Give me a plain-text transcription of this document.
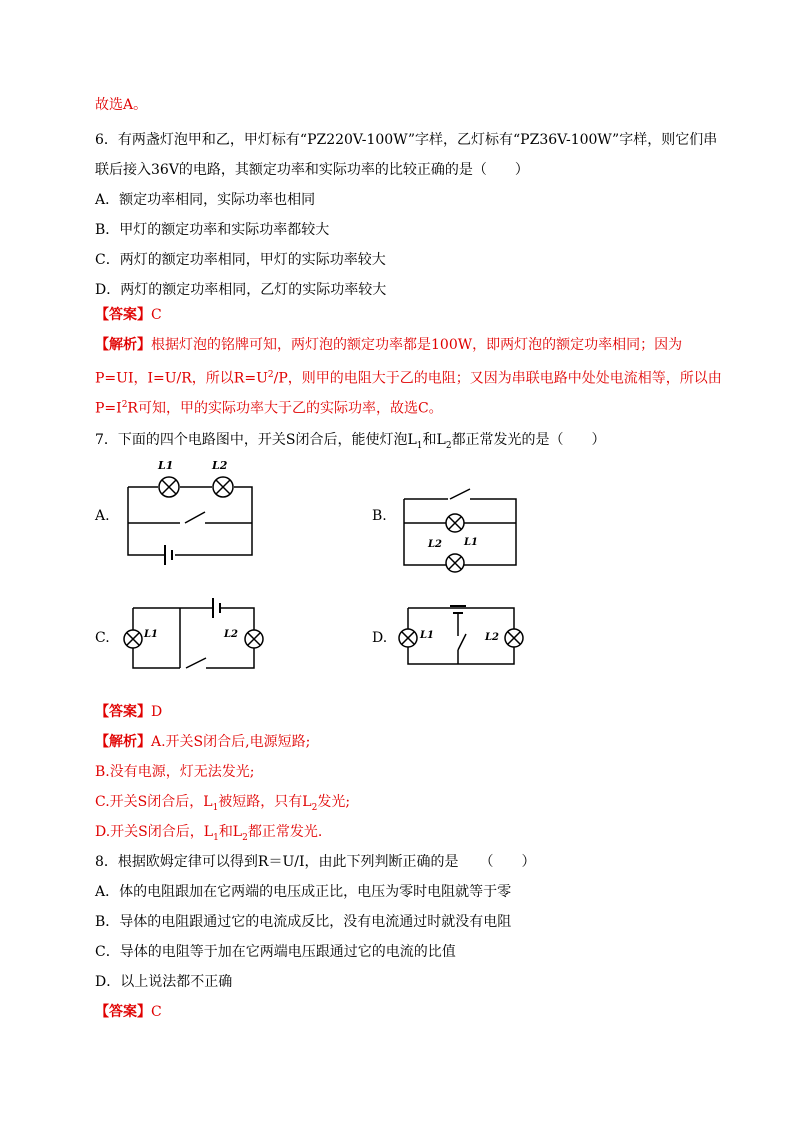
故选A。
6．有两盏灯泡甲和乙，甲灯标有“PZ220V-100W”字样，乙灯标有“PZ36V-100W”字样，则它们串
联后接入36V的电路，其额定功率和实际功率的比较正确的是（　　）
A．额定功率相同，实际功率也相同
B．甲灯的额定功率和实际功率都较大
C．两灯的额定功率相同，甲灯的实际功率较大
D．两灯的额定功率相同，乙灯的实际功率较大
【答案】C
【解析】根据灯泡的铭牌可知，两灯泡的额定功率都是100W，即两灯泡的额定功率相同；因为
P=UI，I=U/R，所以$R=U^2/P$，则甲的电阻大于乙的电阻；又因为串联电路中处处电流相等，所以由
$P=I^2R$可知，甲的实际功率大于乙的实际功率，故选C。
7．下面的四个电路图中，开关S闭合后，能使灯泡$L_1$和$L_2$都正常发光的是（　　）
A.	B.
C.	D.
L1	L2
L2 L1
L1	L2	L1	L2
【答案】D
【解析】A.开关S闭合后,电源短路;
B.没有电源，灯无法发光;
C.开关S闭合后，$L_1$被短路，只有$L_2$发光;
D.开关S闭合后，$L_1$和$L_2$都正常发光.
8．根据欧姆定律可以得到R＝U/I，由此下列判断正确的是　　（　　）
A．体的电阻跟加在它两端的电压成正比，电压为零时电阻就等于零
B．导体的电阻跟通过它的电流成反比，没有电流通过时就没有电阻
C．导体的电阻等于加在它两端电压跟通过它的电流的比值
D．以上说法都不正确
【答案】C
